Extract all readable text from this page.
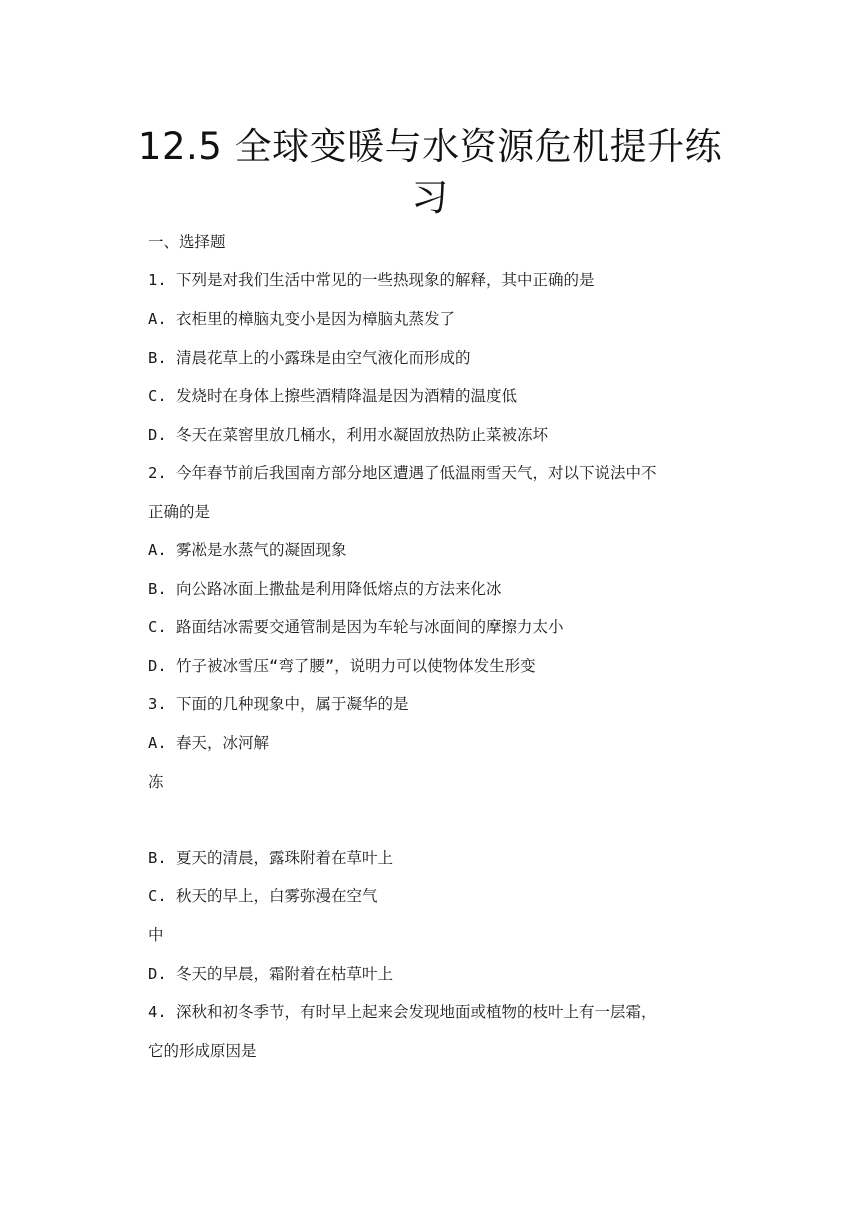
12.5 全球变暖与水资源危机提升练
习
一、选择题
1. 下列是对我们生活中常见的一些热现象的解释，其中正确的是
A. 衣柜里的樟脑丸变小是因为樟脑丸蒸发了
B. 清晨花草上的小露珠是由空气液化而形成的
C. 发烧时在身体上擦些酒精降温是因为酒精的温度低
D. 冬天在菜窖里放几桶水，利用水凝固放热防止菜被冻坏
2. 今年春节前后我国南方部分地区遭遇了低温雨雪天气，对以下说法中不
正确的是
A. 雾凇是水蒸气的凝固现象
B. 向公路冰面上撒盐是利用降低熔点的方法来化冰
C. 路面结冰需要交通管制是因为车轮与冰面间的摩擦力太小
D. 竹子被冰雪压“弯了腰”，说明力可以使物体发生形变
3. 下面的几种现象中，属于凝华的是
A. 春天，冰河解
冻
B. 夏天的清晨，露珠附着在草叶上
C. 秋天的早上，白雾弥漫在空气
中
D. 冬天的早晨，霜附着在枯草叶上
4. 深秋和初冬季节，有时早上起来会发现地面或植物的枝叶上有一层霜，
它的形成原因是
